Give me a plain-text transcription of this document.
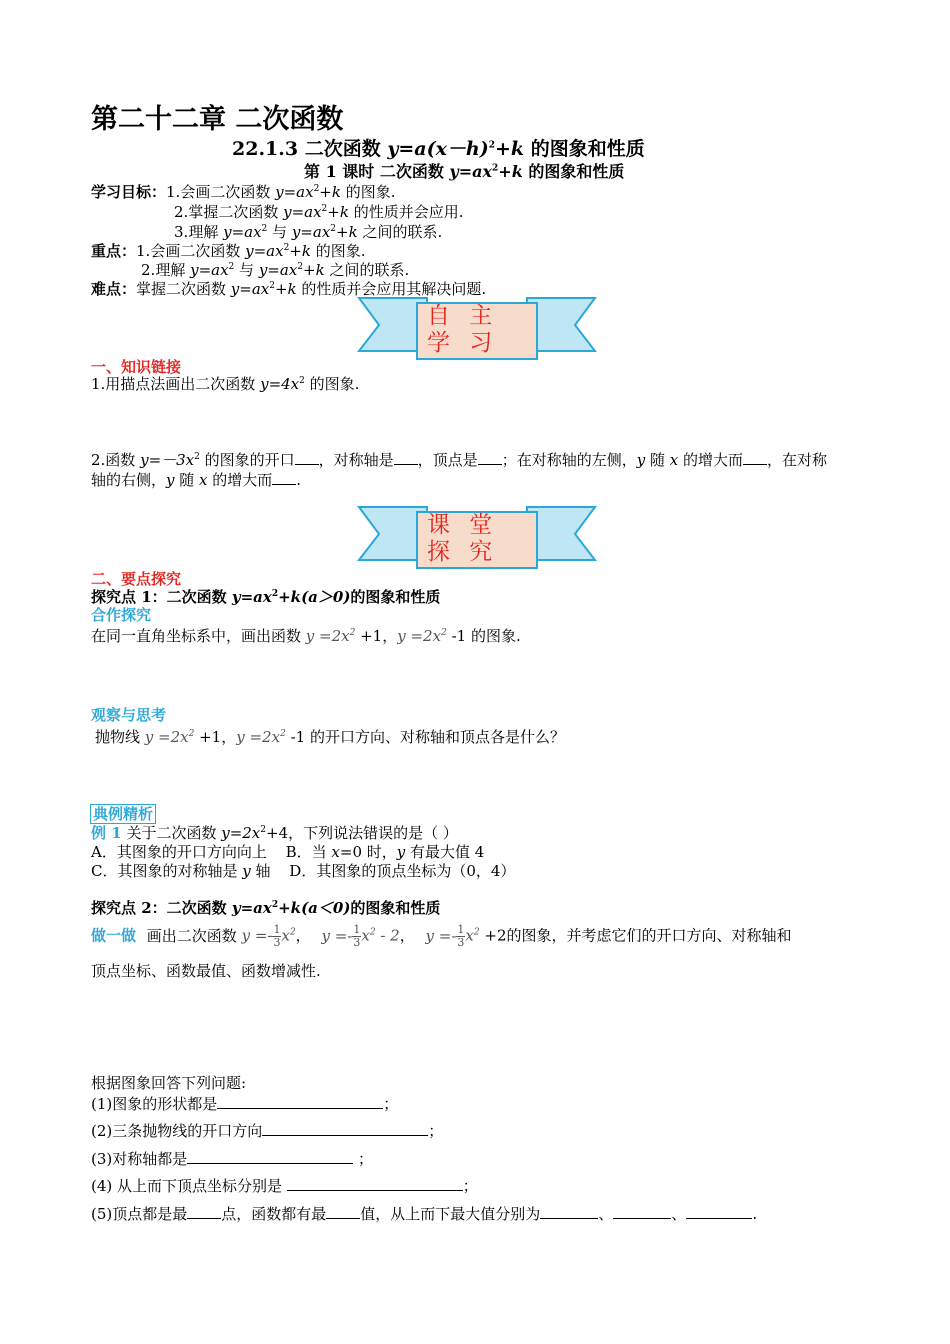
第二十二章 二次函数
22.1.3 二次函数 $y=a(x-h)^2+k$ 的图象和性质
第 1 课时 二次函数 $y=ax^2+k$ 的图象和性质
学习目标：1.会画二次函数 $y=ax^2+k$ 的图象.
2.掌握二次函数 $y=ax^2+k$ 的性质并会应用.
3.理解 $y=ax^2$ 与 $y=ax^2+k$ 之间的联系.
重点：1.会画二次函数 $y=ax^2+k$ 的图象.
2.理解 $y=ax^2$ 与 $y=ax^2+k$ 之间的联系.
难点：掌握二次函数 $y=ax^2+k$ 的性质并会应用其解决问题.
自 主 学 习
一、知识链接
1.用描点法画出二次函数 $y=4x^2$ 的图象.
2.函数 $y=-3x^2$ 的图象的开口 ，对称轴是 ，顶点是 ；在对称轴的左侧，y 随 x 的增大而 ，在对称
轴的右侧，y 随 x 的增大而 .
课 堂 探 究
二、要点探究
探究点 1：二次函数 $y=ax^2+k(a>0)$的图象和性质
合作探究
在同一直角坐标系中，画出函数 $y =2x^2 +1$，$y =2x^2$ -1 的图象.
观察与思考
抛物线 $y =2x^2 +1$，$y =2x^2$ -1 的开口方向、对称轴和顶点各是什么？
典例精析
例 1 关于二次函数 $y=2x^2+4$，下列说法错误的是（ ）
A．其图象的开口方向向上 B．当 x=0 时，y 有最大值 4
C．其图象的对称轴是 y 轴 D．其图象的顶点坐标为（0，4）
探究点 2：二次函数 $y=ax^2+k(a<0)$的图象和性质
做一做 画出二次函数 $y =- \frac{1}{3} x^2$， $y =- \frac{1}{3} x^2 - 2$， $y =- \frac{1}{3} x^2 +2$的图象，并考虑它们的开口方向、对称轴和
顶点坐标、函数最值、函数增减性.
根据图象回答下列问题:
(1)图象的形状都是	；
(2)三条抛物线的开口方向	；
(3)对称轴都是	；
(4) 从上而下顶点坐标分别是	；
(5)顶点都是最 点，函数都有最 值，从上而下最大值分别为	、	、	.
